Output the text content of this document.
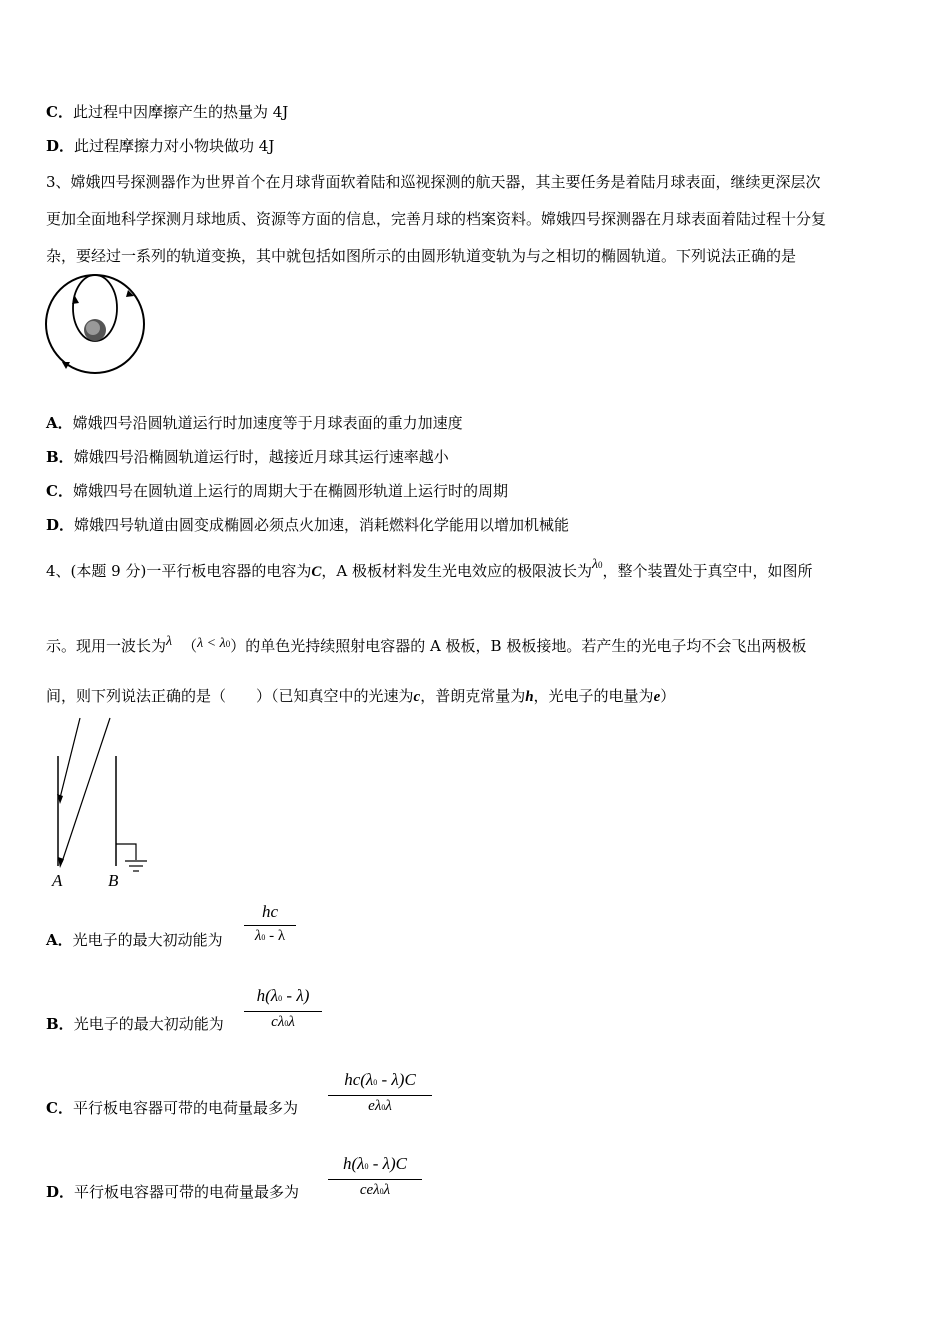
C．此过程中因摩擦产生的热量为 4J
D．此过程摩擦力对小物块做功 4J
3、嫦娥四号探测器作为世界首个在月球背面软着陆和巡视探测的航天器，其主要任务是着陆月球表面，继续更深层次
更加全面地科学探测月球地质、资源等方面的信息，完善月球的档案资料。嫦娥四号探测器在月球表面着陆过程十分复
杂，要经过一系列的轨道变换，其中就包括如图所示的由圆形轨道变轨为与之相切的椭圆轨道。下列说法正确的是
A．嫦娥四号沿圆轨道运行时加速度等于月球表面的重力加速度
B．嫦娥四号沿椭圆轨道运行时，越接近月球其运行速率越小
C．嫦娥四号在圆轨道上运行的周期大于在椭圆形轨道上运行时的周期
D．嫦娥四号轨道由圆变成椭圆必须点火加速，消耗燃料化学能用以增加机械能
4、(本题 9 分)一平行板电容器的电容为C，A 极板材料发生光电效应的极限波长为λ0，整个装置处于真空中，如图所
示。现用一波长为λ （λ < λ0）的单色光持续照射电容器的 A 极板，B 极板接地。若产生的光电子均不会飞出两极板
间，则下列说法正确的是（　　）（已知真空中的光速为c，普朗克常量为h，光电子的电量为e）
A	B
A．光电子的最大初动能为
hc
λ0 - λ
B．光电子的最大初动能为
h(λ0 - λ)
cλ0λ
C．平行板电容器可带的电荷量最多为
hc(λ0 - λ)C
eλ0λ
D．平行板电容器可带的电荷量最多为
h(λ0 - λ)C
ceλ0λ
